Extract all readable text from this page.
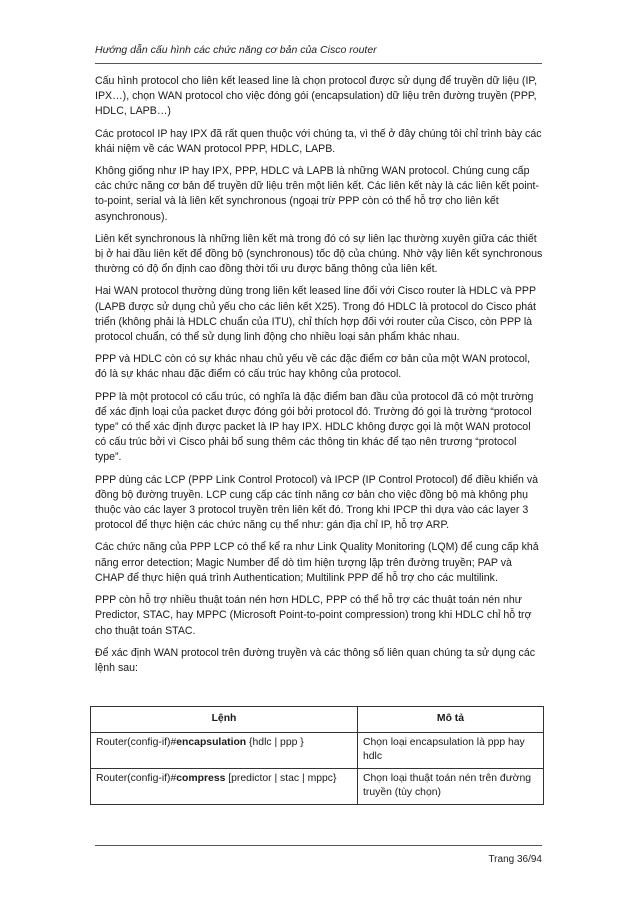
Hướng dẫn cấu hình các chức năng cơ bản của Cisco router

Cấu hình protocol cho liên kết leased line là chọn protocol được sử dụng để truyền dữ liệu (IP, IPX…), chọn WAN protocol cho việc đóng gói (encapsulation) dữ liệu trên đường truyền (PPP, HDLC, LAPB…)

Các protocol IP hay IPX đã rất quen thuộc với chúng ta, vì thế ở đây chúng tôi chỉ trình bày các khái niệm về các WAN protocol PPP, HDLC, LAPB.

Không giống như IP hay IPX, PPP, HDLC và LAPB là những WAN protocol. Chúng cung cấp các chức năng cơ bản để truyền dữ liệu trên một liên kết. Các liên kết này là các liên kết point-to-point, serial và là liên kết synchronous (ngoại trừ PPP còn có thể hỗ trợ cho liên kết asynchronous).

Liên kết synchronous là những liên kết mà trong đó có sự liên lạc thường xuyên giữa các thiết bị ở hai đầu liên kết để đồng bộ (synchronous) tốc độ của chúng. Nhờ vậy liên kết synchronous thường có độ ổn định cao đồng thời tối ưu được băng thông của liên kết.

Hai WAN protocol thường dùng trong liên kết leased line đối với Cisco router là HDLC và PPP (LAPB được sử dụng chủ yếu cho các liên kết X25). Trong đó HDLC là protocol do Cisco phát triển (không phải là HDLC chuẩn của ITU), chỉ thích hợp đối với router của Cisco, còn PPP là protocol chuẩn, có thể sử dụng linh động cho nhiều loại sản phẩm khác nhau.

PPP và HDLC còn có sự khác nhau chủ yếu về các đặc điểm cơ bản của một WAN protocol, đó là sự khác nhau đặc điểm có cấu trúc hay không của protocol.

PPP là một protocol có cấu trúc, có nghĩa là đặc điểm ban đầu của protocol đã có một trường để xác định loại của packet được đóng gói bởi protocol đó. Trường đó gọi là trường “protocol type” có thể xác định được packet là IP hay IPX. HDLC không được gọi là một WAN protocol có cấu trúc bởi vì Cisco phải bổ sung thêm các thông tin khác để tạo nên trương “protocol type”.

PPP dùng các LCP (PPP Link Control Protocol) và IPCP (IP Control Protocol) để điều khiển và đồng bộ đường truyền. LCP cung cấp các tính năng cơ bản cho việc đồng bộ mà không phụ thuộc vào các layer 3 protocol truyền trên liên kết đó. Trong khi IPCP thì dựa vào các layer 3 protocol để thực hiện các chức năng cụ thể như: gán địa chỉ IP, hỗ trợ ARP.

Các chức năng của PPP LCP có thể kể ra như Link Quality Monitoring (LQM) để cung cấp khả năng error detection; Magic Number để dò tìm hiện tượng lặp trên đường truyền; PAP và CHAP để thực hiện quá trình Authentication; Multilink PPP để hỗ trợ cho các multilink.

PPP còn hỗ trợ nhiều thuật toán nén hơn HDLC, PPP có thể hỗ trợ các thuật toán nén như Predictor, STAC, hay MPPC (Microsoft Point-to-point compression) trong khi HDLC chỉ hỗ trợ cho thuật toán STAC.

Để xác định WAN protocol trên đường truyền và các thông số liên quan chúng ta sử dụng các lệnh sau:

Lệnh	Mô tả
Router(config-if)#encapsulation {hdlc | ppp }	Chọn loại encapsulation là ppp hay hdlc
Router(config-if)#compress [predictor | stac | mppc}	Chọn loại thuật toán nén trên đường truyền (tùy chọn)
Trang 36/94
